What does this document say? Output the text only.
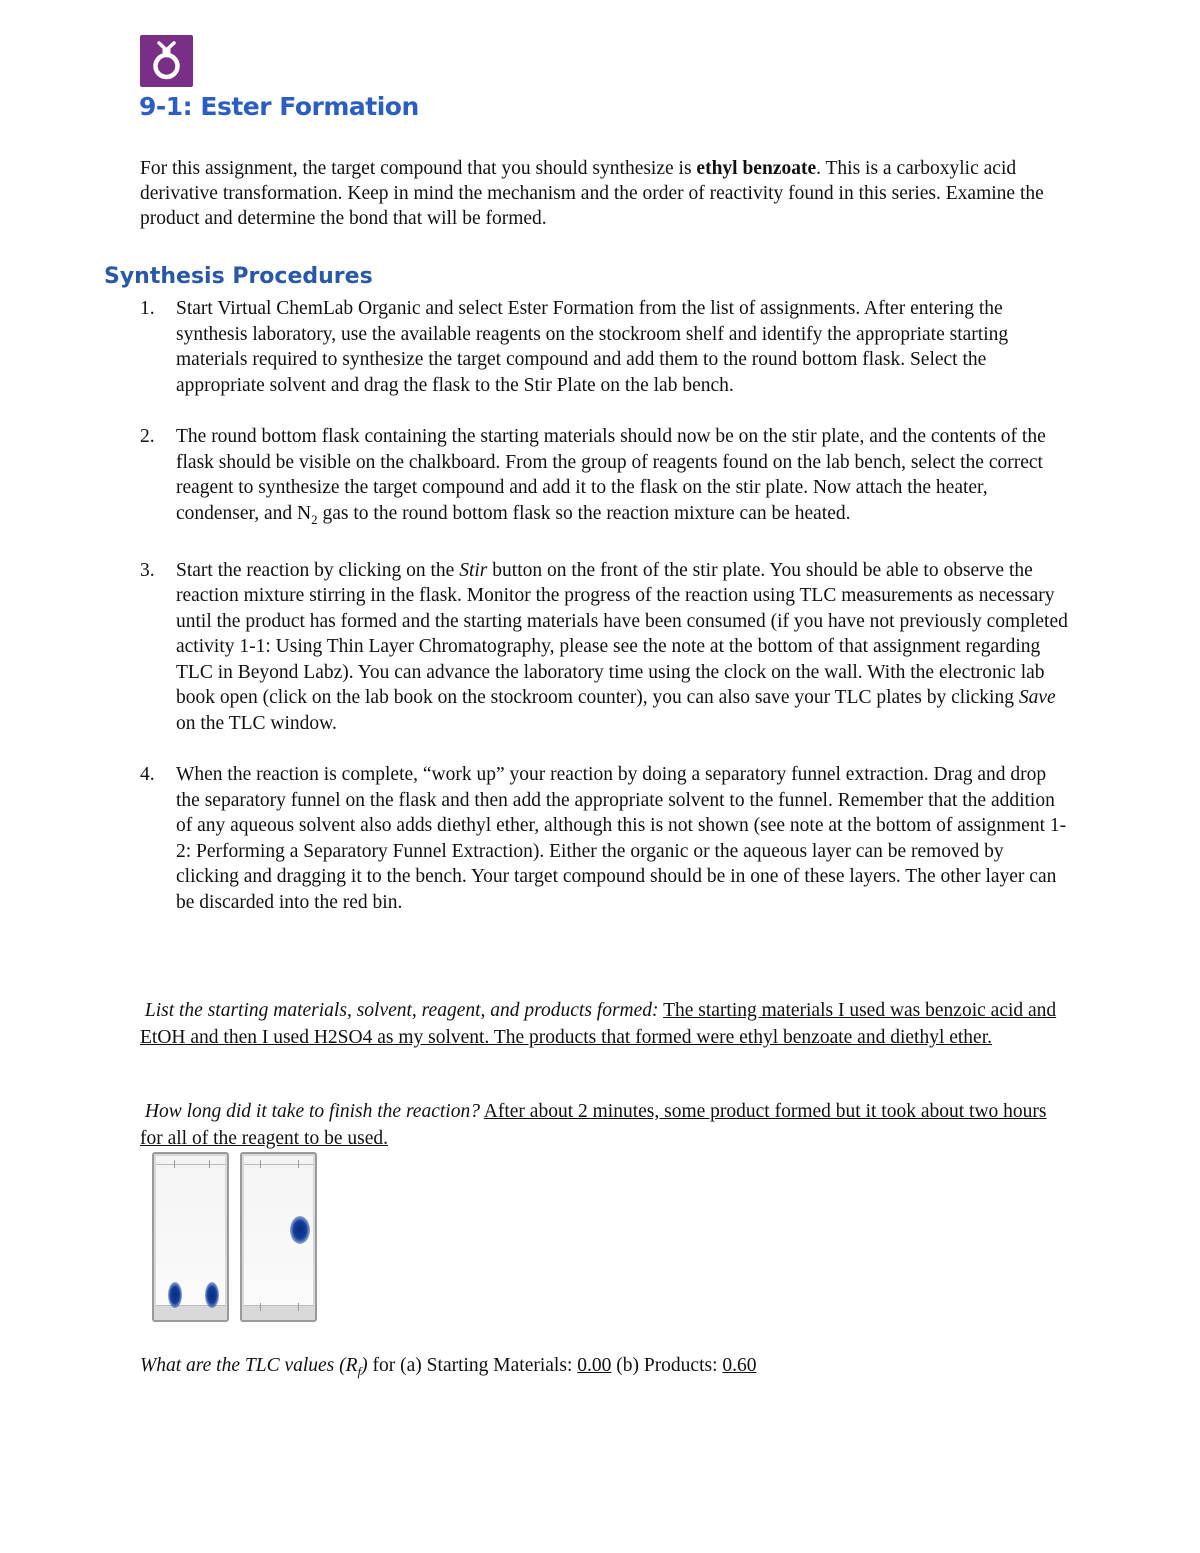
9-1: Ester Formation

For this assignment, the target compound that you should synthesize is ethyl benzoate. This is a carboxylic acid derivative transformation. Keep in mind the mechanism and the order of reactivity found in this series. Examine the product and determine the bond that will be formed.

Synthesis Procedures
1. Start Virtual ChemLab Organic and select Ester Formation from the list of assignments. After entering the synthesis laboratory, use the available reagents on the stockroom shelf and identify the appropriate starting materials required to synthesize the target compound and add them to the round bottom flask. Select the appropriate solvent and drag the flask to the Stir Plate on the lab bench.
2. The round bottom flask containing the starting materials should now be on the stir plate, and the contents of the flask should be visible on the chalkboard. From the group of reagents found on the lab bench, select the correct reagent to synthesize the target compound and add it to the flask on the stir plate. Now attach the heater, condenser, and $N_2$ gas to the round bottom flask so the reaction mixture can be heated.
3. Start the reaction by clicking on the Stir button on the front of the stir plate. You should be able to observe the reaction mixture stirring in the flask. Monitor the progress of the reaction using TLC measurements as necessary until the product has formed and the starting materials have been consumed (if you have not previously completed activity 1-1: Using Thin Layer Chromatography, please see the note at the bottom of that assignment regarding TLC in Beyond Labz). You can advance the laboratory time using the clock on the wall. With the electronic lab book open (click on the lab book on the stockroom counter), you can also save your TLC plates by clicking Save on the TLC window.
4. When the reaction is complete, “work up” your reaction by doing a separatory funnel extraction. Drag and drop the separatory funnel on the flask and then add the appropriate solvent to the funnel. Remember that the addition of any aqueous solvent also adds diethyl ether, although this is not shown (see note at the bottom of assignment 1-2: Performing a Separatory Funnel Extraction). Either the organic or the aqueous layer can be removed by clicking and dragging it to the bench. Your target compound should be in one of these layers. The other layer can be discarded into the red bin.

List the starting materials, solvent, reagent, and products formed: The starting materials I used was benzoic acid and EtOH and then I used H2SO4 as my solvent. The products that formed were ethyl benzoate and diethyl ether.

How long did it take to finish the reaction? After about 2 minutes, some product formed but it took about two hours for all of the reagent to be used.

What are the TLC values $(R_f)$ for (a) Starting Materials: 0.00 (b) Products: 0.60
